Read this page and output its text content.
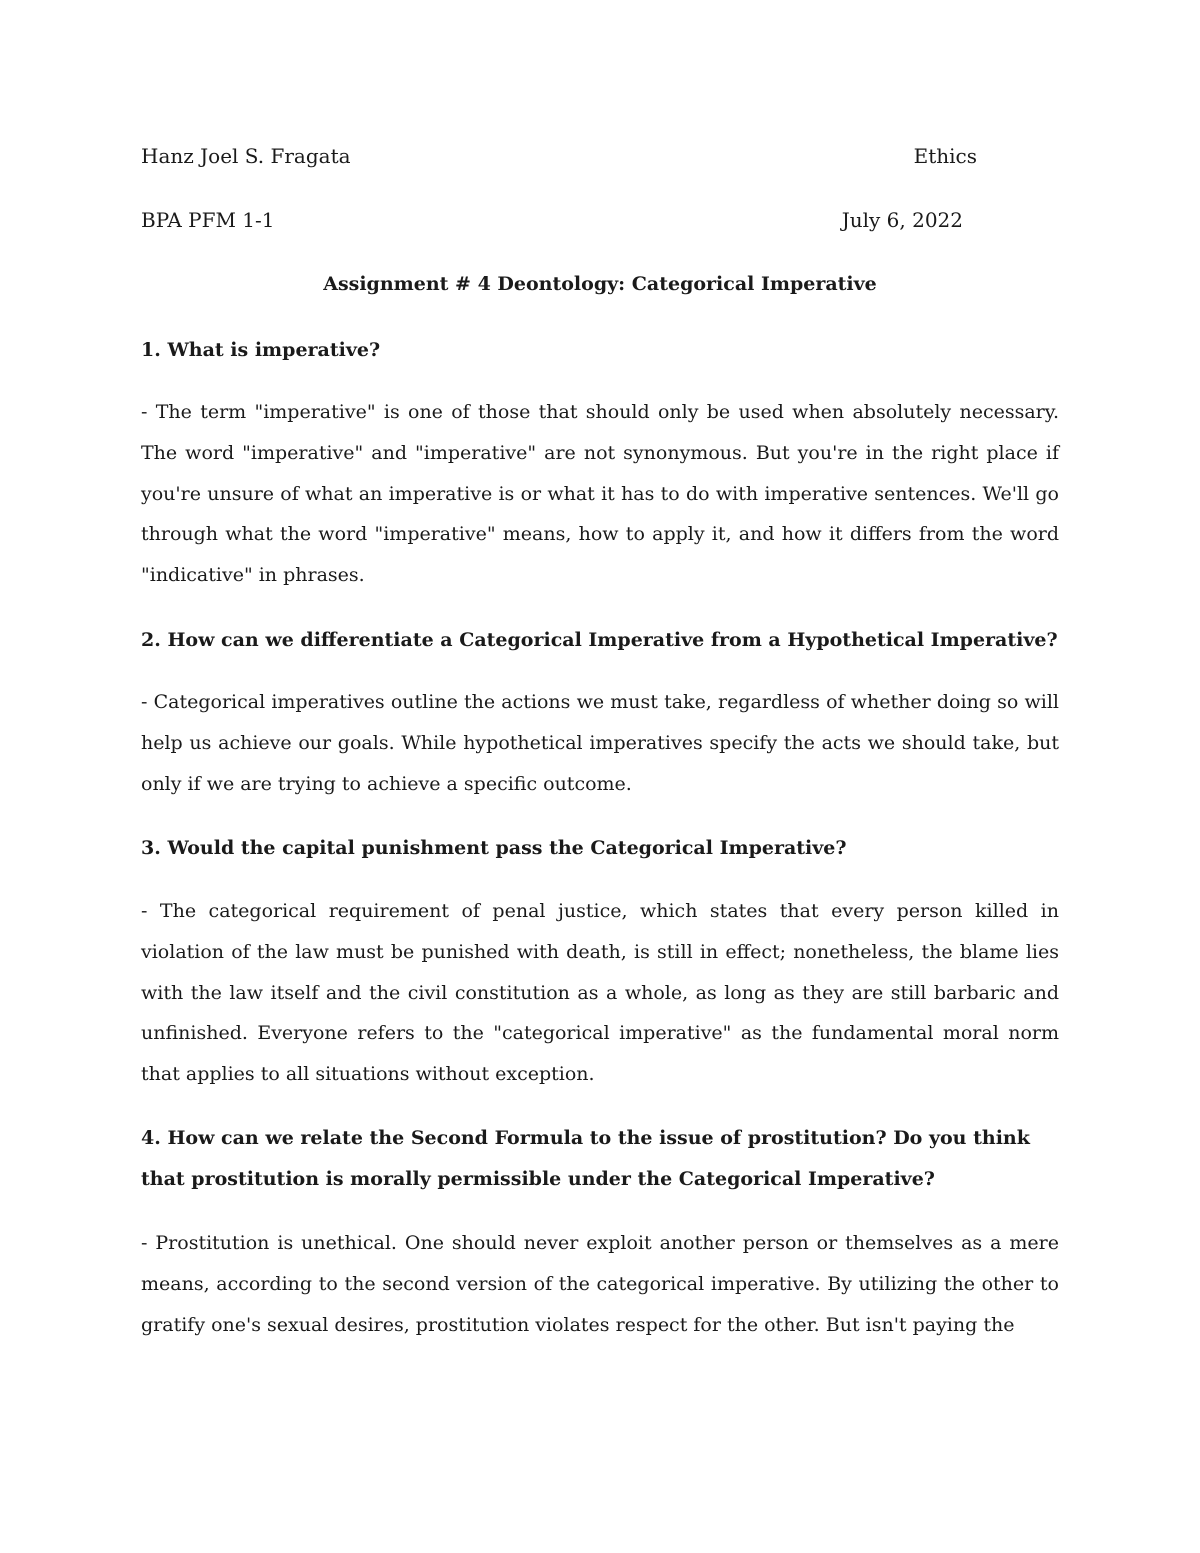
Hanz Joel S. Fragata	Ethics
BPA PFM 1-1	July 6, 2022
Assignment # 4 Deontology: Categorical Imperative
1. What is imperative?
- The term "imperative" is one of those that should only be used when absolutely necessary. The word "imperative" and "imperative" are not synonymous. But you're in the right place if you're unsure of what an imperative is or what it has to do with imperative sentences. We'll go through what the word "imperative" means, how to apply it, and how it differs from the word "indicative" in phrases.
2. How can we differentiate a Categorical Imperative from a Hypothetical Imperative?
- Categorical imperatives outline the actions we must take, regardless of whether doing so will help us achieve our goals. While hypothetical imperatives specify the acts we should take, but only if we are trying to achieve a specific outcome.
3. Would the capital punishment pass the Categorical Imperative?
- The categorical requirement of penal justice, which states that every person killed in violation of the law must be punished with death, is still in effect; nonetheless, the blame lies with the law itself and the civil constitution as a whole, as long as they are still barbaric and unfinished. Everyone refers to the "categorical imperative" as the fundamental moral norm that applies to all situations without exception.
4. How can we relate the Second Formula to the issue of prostitution? Do you think that prostitution is morally permissible under the Categorical Imperative?
- Prostitution is unethical. One should never exploit another person or themselves as a mere means, according to the second version of the categorical imperative. By utilizing the other to gratify one's sexual desires, prostitution violates respect for the other. But isn't paying the
